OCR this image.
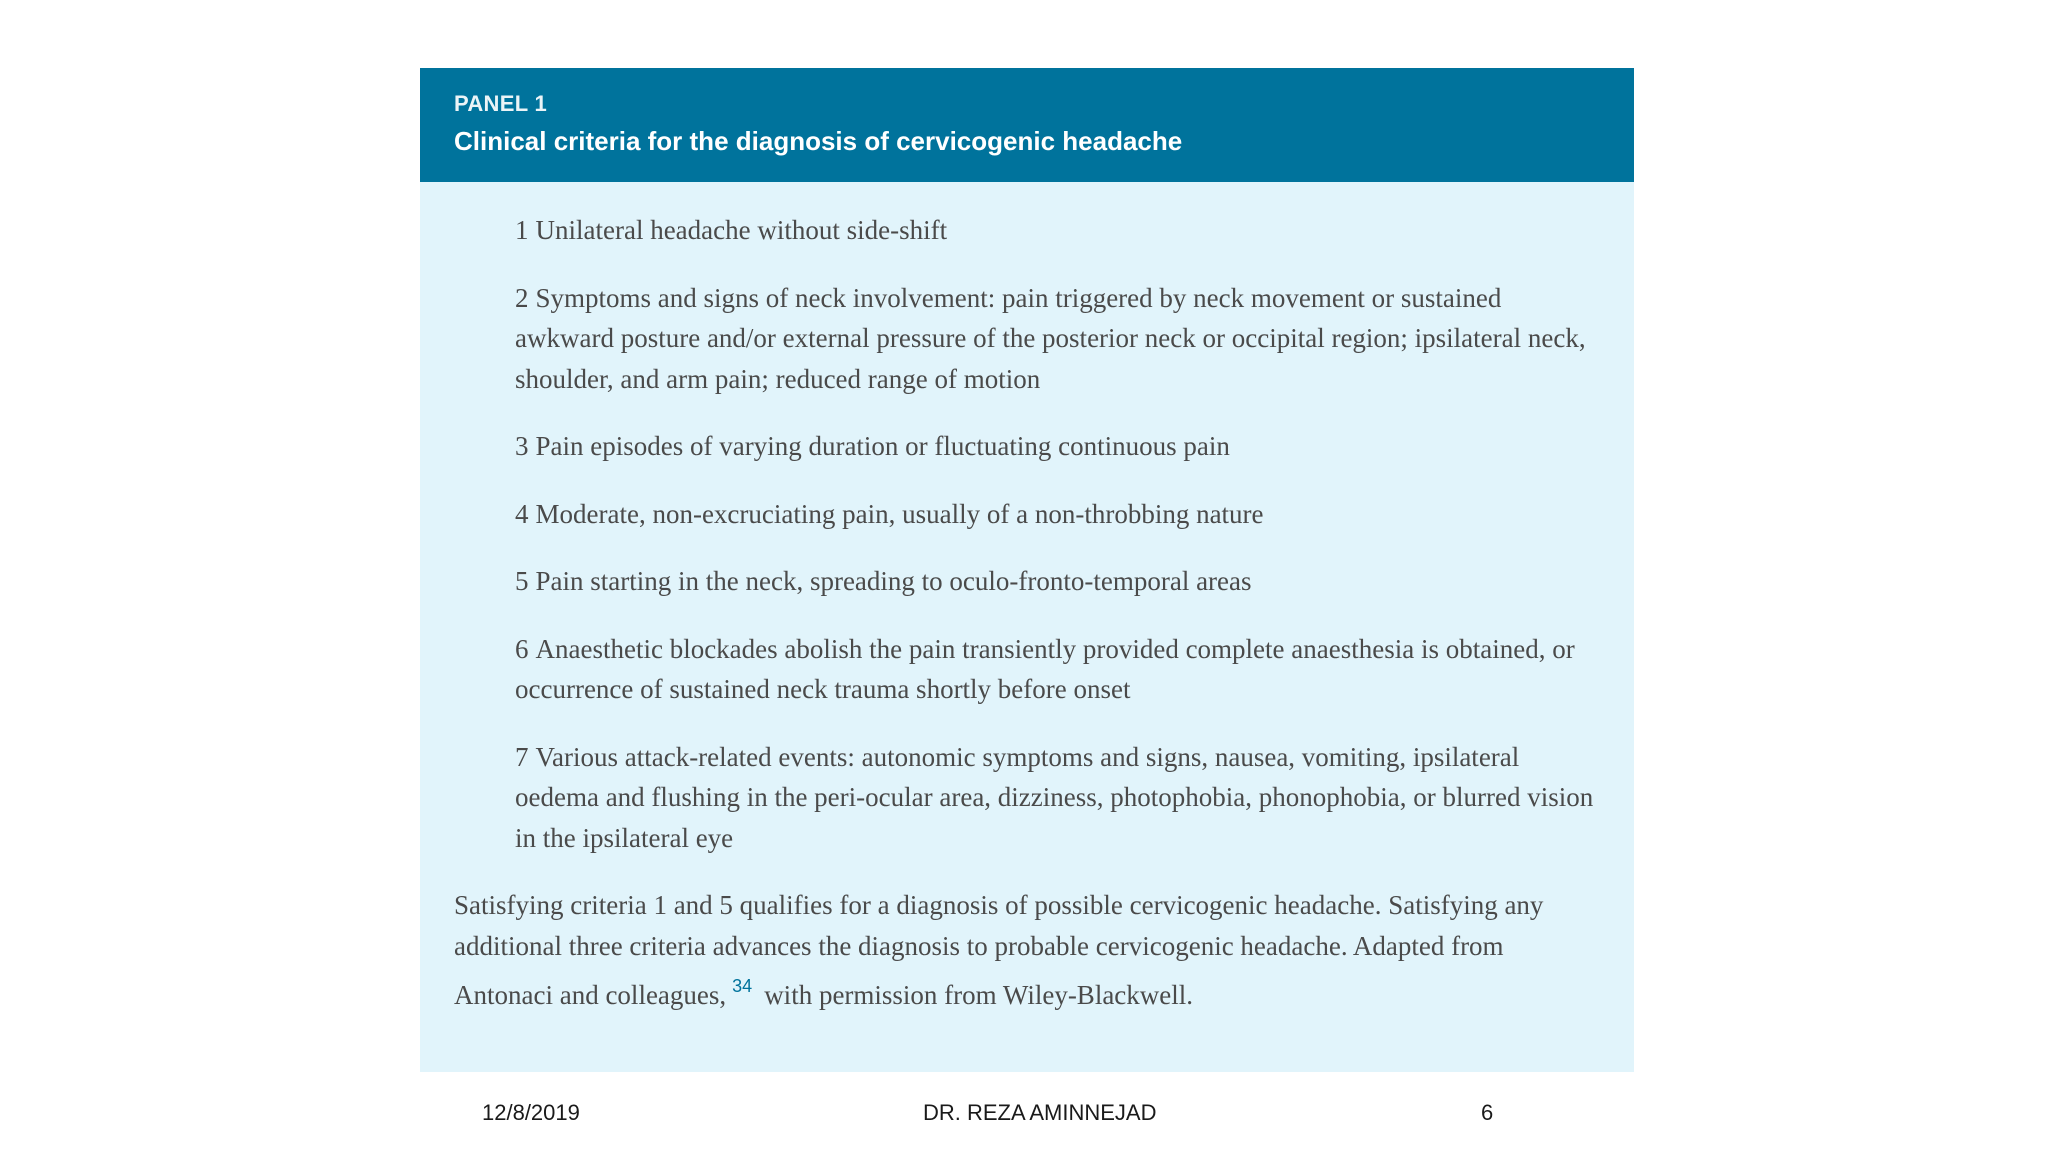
PANEL 1
Clinical criteria for the diagnosis of cervicogenic headache
1 Unilateral headache without side-shift
2 Symptoms and signs of neck involvement: pain triggered by neck movement or sustained awkward posture and/or external pressure of the posterior neck or occipital region; ipsilateral neck, shoulder, and arm pain; reduced range of motion
3 Pain episodes of varying duration or fluctuating continuous pain
4 Moderate, non-excruciating pain, usually of a non-throbbing nature
5 Pain starting in the neck, spreading to oculo-fronto-temporal areas
6 Anaesthetic blockades abolish the pain transiently provided complete anaesthesia is obtained, or occurrence of sustained neck trauma shortly before onset
7 Various attack-related events: autonomic symptoms and signs, nausea, vomiting, ipsilateral oedema and flushing in the peri-ocular area, dizziness, photophobia, phonophobia, or blurred vision in the ipsilateral eye

Satisfying criteria 1 and 5 qualifies for a diagnosis of possible cervicogenic headache. Satisfying any additional three criteria advances the diagnosis to probable cervicogenic headache. Adapted from Antonaci and colleagues, $^{34}$ with permission from Wiley-Blackwell.

12/8/2019	DR. REZA AMINNEJAD	6
